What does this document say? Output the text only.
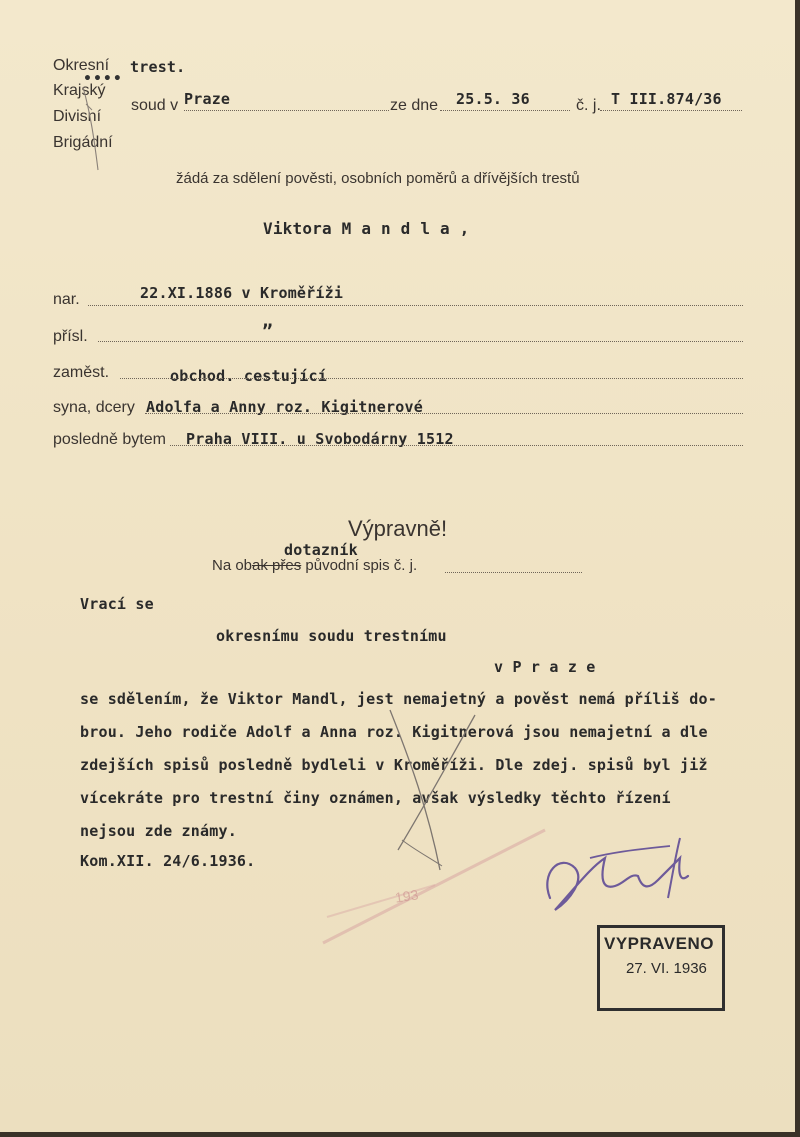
Okresní trest.
••••
Krajský
Divisní
Brigádní
soud v Praze	ze dne 25.5. 36	č. j. T III.874/36
žádá za sdělení pověsti, osobních poměrů a dřívějších trestů
Viktora M a n d l a ,
nar.	22.XI.1886 v Kroměříži
přísl.	”
zaměst.	obchod. cestující
syna, dcery Adolfa a Anny roz. Kigitnerové
posledně bytem Praha VIII. u Svobodárny 1512
Výpravně!
dotazník
Na obak přes původní spis č. j.
Vrací se
okresnímu soudu trestnímu
v P r a z e
se sdělením, že Viktor Mandl, jest nemajetný a pověst nemá příliš do-
brou. Jeho rodiče Adolf a Anna roz. Kigitnerová jsou nemajetní a dle
zdejších spisů posledně bydleli v Kroměříži. Dle zdej. spisů byl již
vícekráte pro trestní činy oznámen, avšak výsledky těchto řízení
nejsou zde známy.
Kom.XII. 24/6.1936.
193
VYPRAVENO
27. VI. 1936
